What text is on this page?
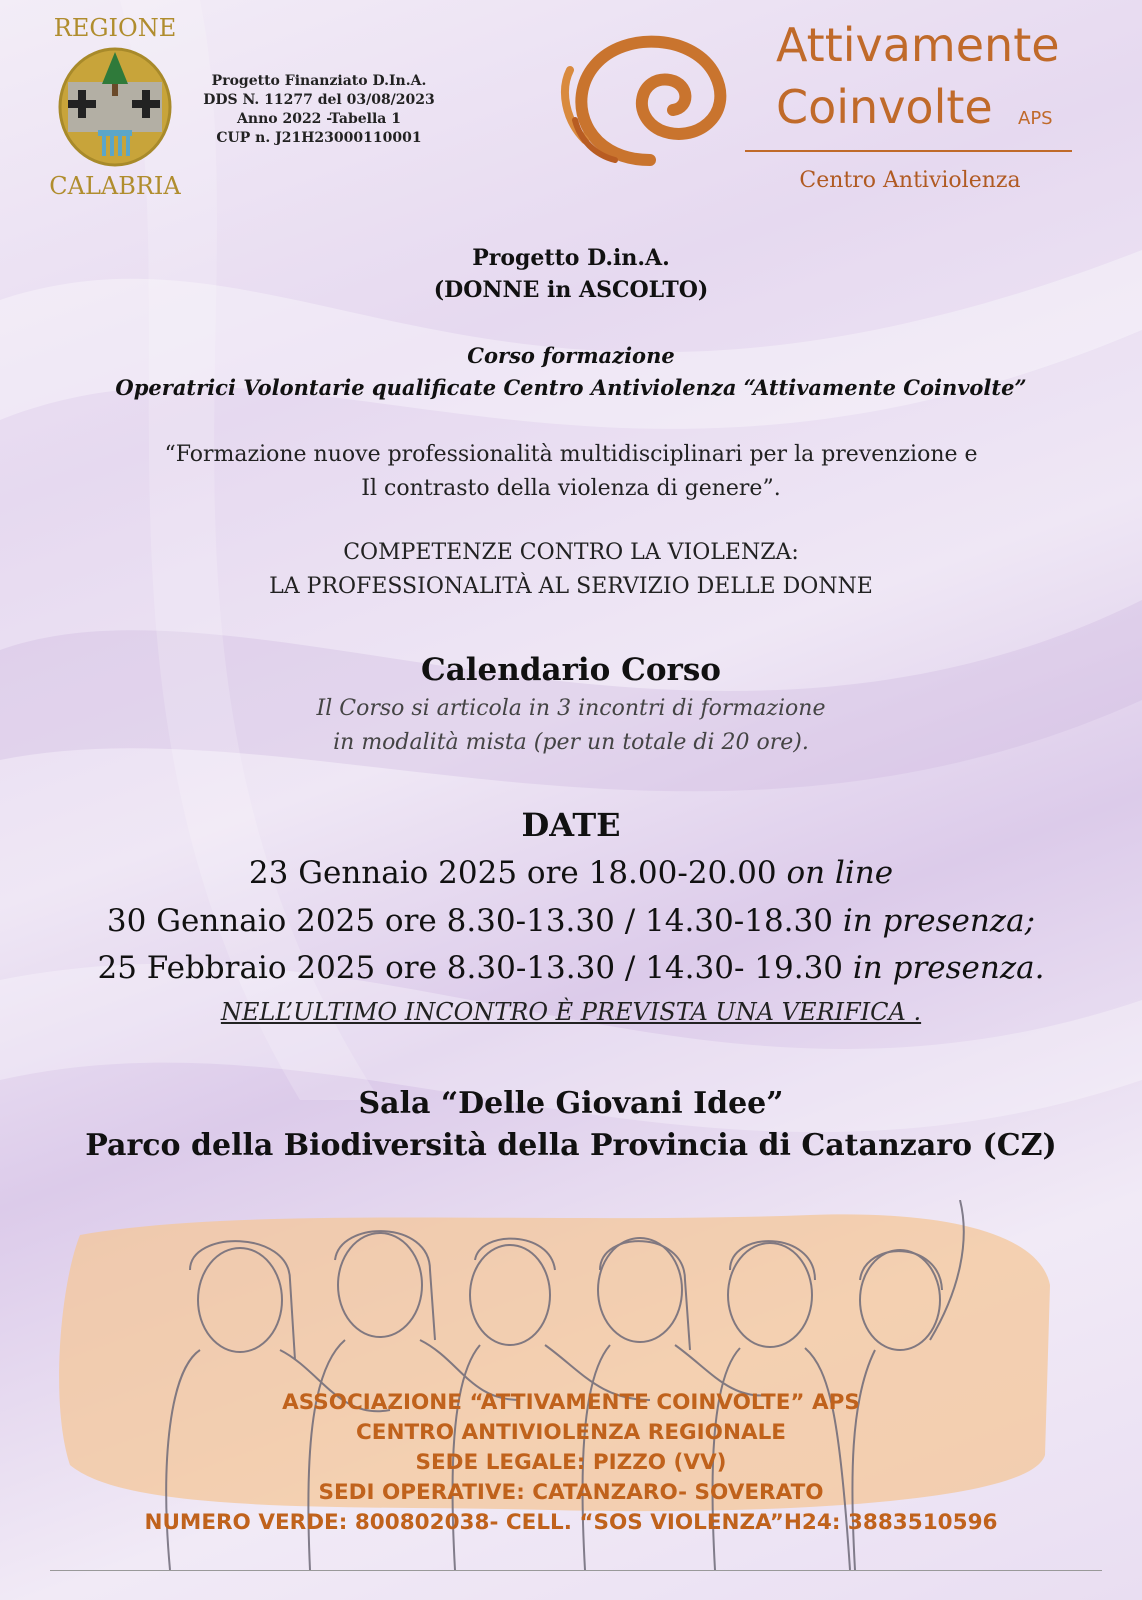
REGIONE
CALABRIA
Progetto Finanziato D.In.A.
DDS N. 11277 del 03/08/2023
Anno 2022 -Tabella 1
CUP n. J21H23000110001
Attivamente
Coinvolte APS
Centro Antiviolenza
Progetto D.in.A.
(DONNE in ASCOLTO)
Corso formazione
Operatrici Volontarie qualificate Centro Antiviolenza “Attivamente Coinvolte”
“Formazione nuove professionalità multidisciplinari per la prevenzione e
Il contrasto della violenza di genere”.
COMPETENZE CONTRO LA VIOLENZA:
LA PROFESSIONALITÀ AL SERVIZIO DELLE DONNE
Calendario Corso
Il Corso si articola in 3 incontri di formazione
in modalità mista (per un totale di 20 ore).
DATE
23 Gennaio 2025 ore 18.00-20.00 on line
30 Gennaio 2025 ore 8.30-13.30 / 14.30-18.30 in presenza;
25 Febbraio 2025 ore 8.30-13.30 / 14.30- 19.30 in presenza.
NELL’ULTIMO INCONTRO È PREVISTA UNA VERIFICA .
Sala “Delle Giovani Idee”
Parco della Biodiversità della Provincia di Catanzaro (CZ)
ASSOCIAZIONE “ATTIVAMENTE COINVOLTE” APS
CENTRO ANTIVIOLENZA REGIONALE
SEDE LEGALE: PIZZO (VV)
SEDI OPERATIVE: CATANZARO- SOVERATO
NUMERO VERDE: 800802038- CELL. “SOS VIOLENZA”H24: 3883510596
